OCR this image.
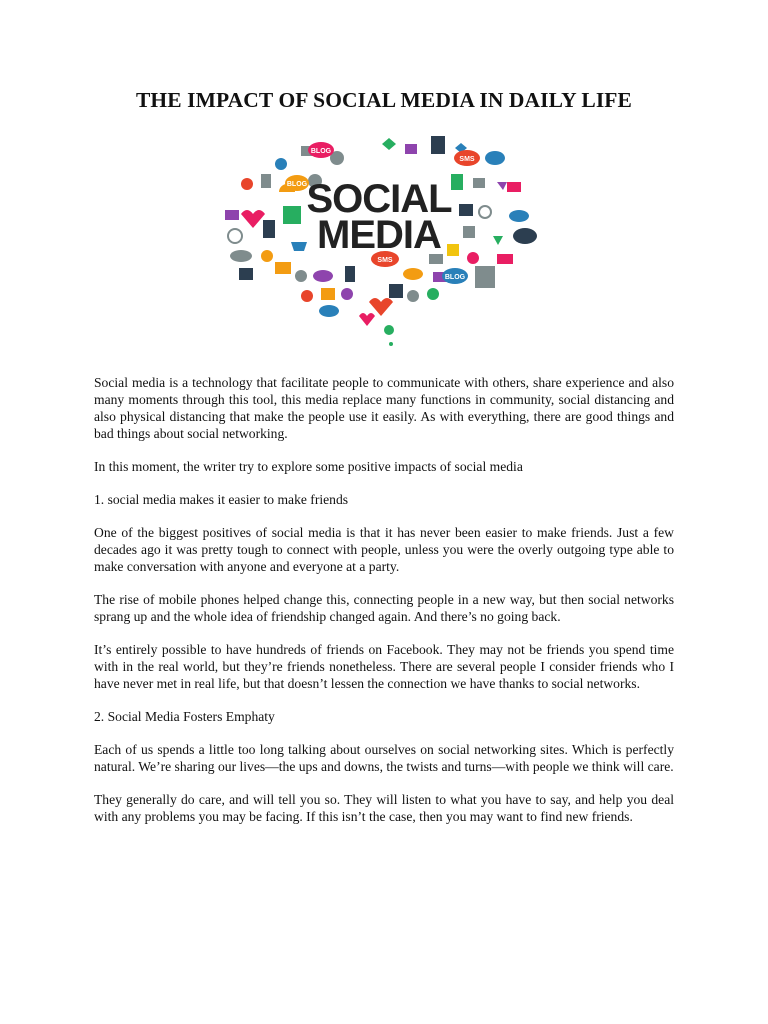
THE IMPACT OF SOCIAL MEDIA IN DAILY LIFE
BLOG
SMS
BLOG
SMS
BLOG
SOCIAL
MEDIA

Social media is a technology that facilitate people to communicate with others, share experience and also many moments through this tool, this media replace many functions in community, social distancing and also physical distancing that make the people use it easily. As with everything, there are good things and bad things about social networking.

In this moment, the writer try to explore some positive impacts of social media

1. social media makes it easier to make friends

One of the biggest positives of social media is that it has never been easier to make friends. Just a few decades ago it was pretty tough to connect with people, unless you were the overly outgoing type able to make conversation with anyone and everyone at a party.

The rise of mobile phones helped change this, connecting people in a new way, but then social networks sprang up and the whole idea of friendship changed again. And there’s no going back.

It’s entirely possible to have hundreds of friends on Facebook. They may not be friends you spend time with in the real world, but they’re friends nonetheless. There are several people I consider friends who I have never met in real life, but that doesn’t lessen the connection we have thanks to social networks.

2. Social Media Fosters Emphaty

Each of us spends a little too long talking about ourselves on social networking sites. Which is perfectly natural. We’re sharing our lives—the ups and downs, the twists and turns—with people we think will care.

They generally do care, and will tell you so. They will listen to what you have to say, and help you deal with any problems you may be facing. If this isn’t the case, then you may want to find new friends.
